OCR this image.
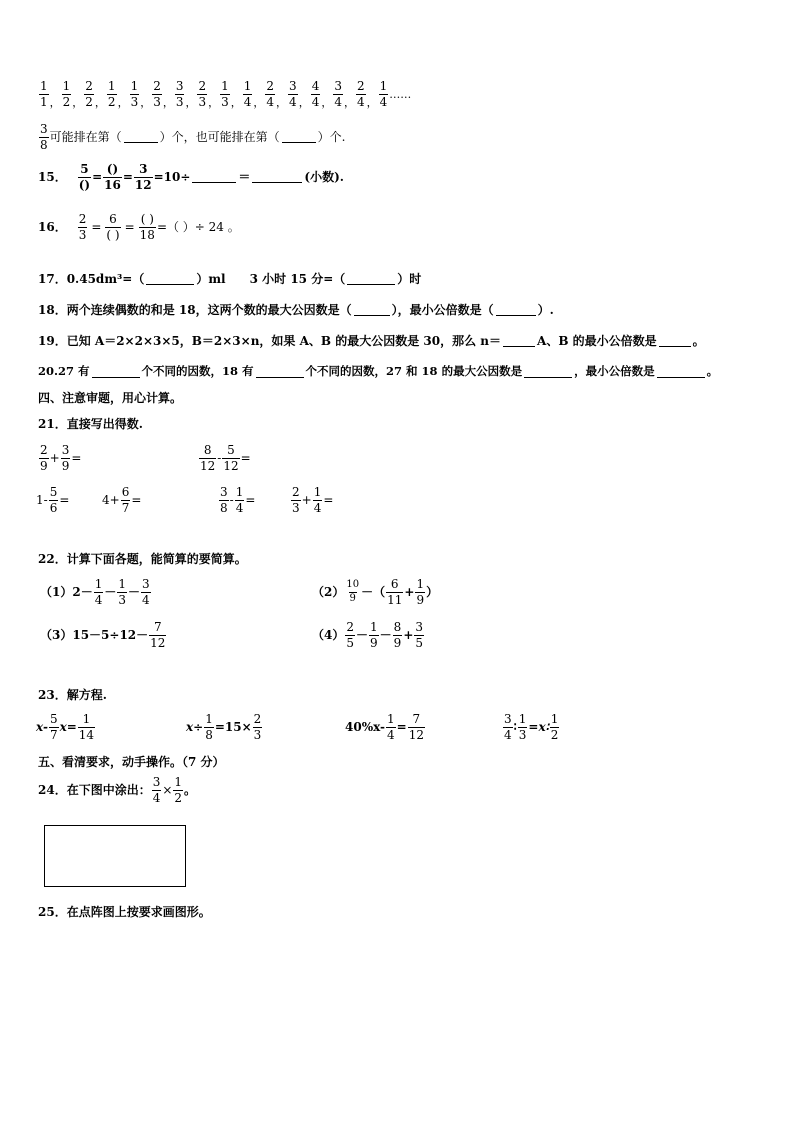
1
1 ，
1
2 ，
2
2 ，
1
2 ，
1
3 ，
2
3 ，
3
3 ，
2
3 ，
1
3 ，
1
4 ，
2
4 ，
3
4 ，
4
4 ，
3
4 ，
2
4 ，
1
4
……
3
8
可能排在第（	）个，也可能排在第（	）个.
15．
5
()
=
()
16
= $\frac{3}{12} =10\div$	＝	(小数).
16． $\frac{2}{3}$ =
6
( )
=
( )
18
=（ ）÷ 24 。
17． 0.45dm³=（	）ml 3 小时 15 分=（	）时
18． 两个连续偶数的和是 18，这两个数的最大公因数是（	），最小公倍数是（	）.
19． 已知 A＝2×2×3×5，B＝2×3×n，如果 A、B 的最大公因数是 30，那么 n＝	A、B 的最小公倍数是	。
20. 27 有	个不同的因数，18 有	个不同的因数，27 和 18 的最大公因数是	，最小公倍数是	。
四、注意审题，用心计算。
21．直接写出得数.
2
9
+ $\frac{3}{9}$ =
8
12
- $\frac{5}{12}$ =
$1- \frac{5}{6}$ =	$4+ \frac{6}{7}$ =
3
8
- $\frac{1}{4}$ =
2
3
+ $\frac{1}{4}$ =
22．计算下面各题，能简算的要简算。
（1）2－
1
4
－
1
3
－
3
4
（2）
10
9 －（
6
11
+ $\frac{1}{9}$ ）
（3）15－5÷12－
7
12
（4）
2
5
－
1
9
－
8
9
+ $\frac{3}{5}$
23．解方程.
x-
5
7
$x= \frac{1}{14}$	$x\div \frac{1}{8} =15\times \frac{2}{3}$	$40\%x- \frac{1}{4} = \frac{7}{12}$	3
4
∶ $\frac{1}{3}$ =x∶
1
2
五、看清要求，动手操作。（7 分）
24．在下图中涂出： $\frac{3}{4} \times \frac{1}{2}$ 。
25．在点阵图上按要求画图形。
